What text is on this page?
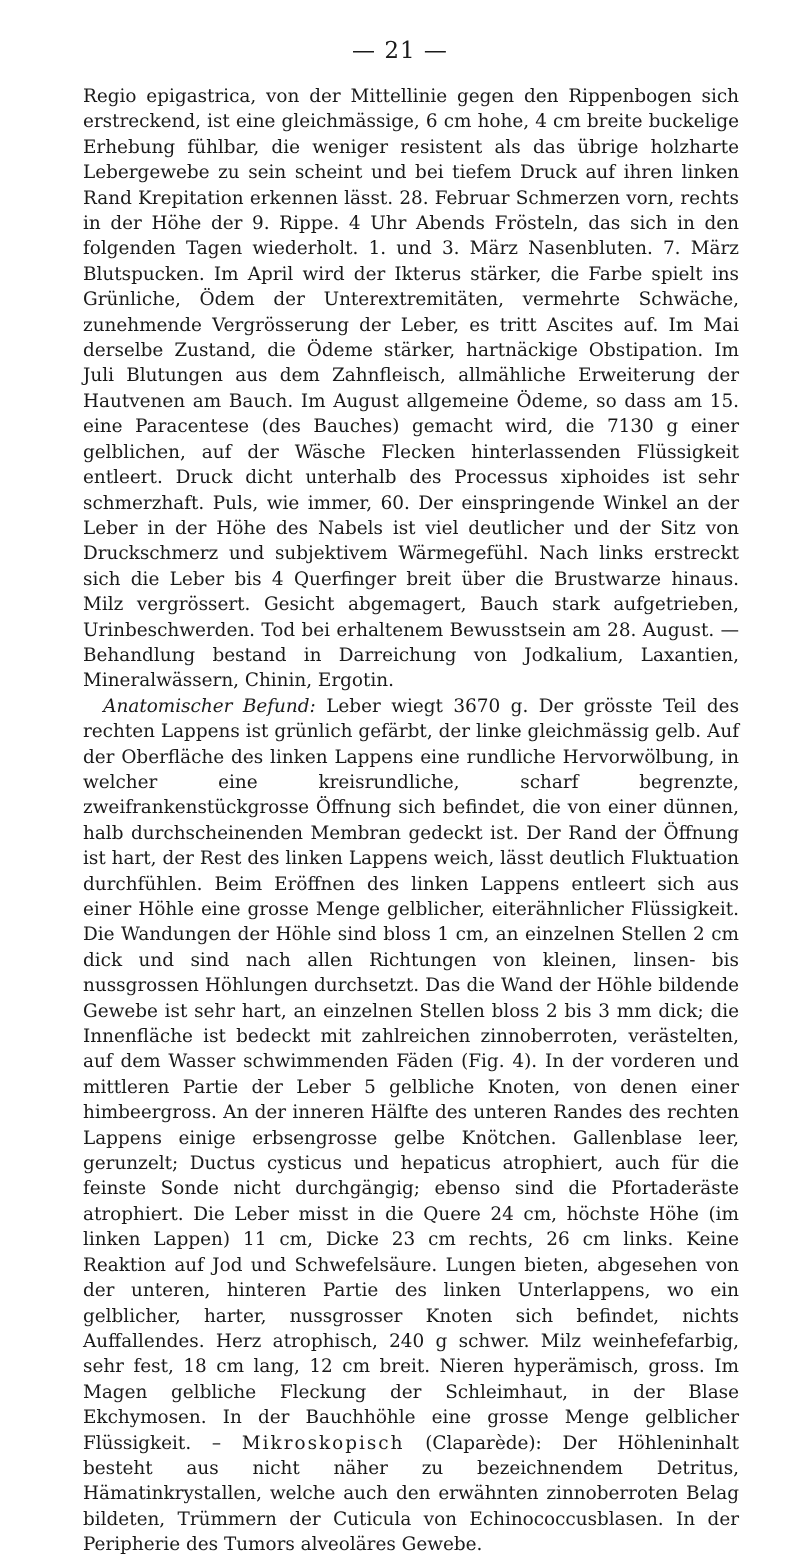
— 21 —

Regio epigastrica, von der Mittellinie gegen den Rippenbogen sich erstreckend, ist eine gleichmässige, 6 cm hohe, 4 cm breite buckelige Erhebung fühlbar, die weniger resistent als das übrige holzharte Lebergewebe zu sein scheint und bei tiefem Druck auf ihren linken Rand Krepitation erkennen lässt. 28. Februar Schmerzen vorn, rechts in der Höhe der 9. Rippe. 4 Uhr Abends Frösteln, das sich in den folgenden Tagen wiederholt. 1. und 3. März Nasenbluten. 7. März Blutspucken. Im April wird der Ikterus stärker, die Farbe spielt ins Grünliche, Ödem der Unterextremitäten, vermehrte Schwäche, zunehmende Vergrösserung der Leber, es tritt Ascites auf. Im Mai derselbe Zustand, die Ödeme stärker, hartnäckige Obstipation. Im Juli Blutungen aus dem Zahnfleisch, allmähliche Erweiterung der Hautvenen am Bauch. Im August allgemeine Ödeme, so dass am 15. eine Paracentese (des Bauches) gemacht wird, die 7130 g einer gelblichen, auf der Wäsche Flecken hinterlassenden Flüssigkeit entleert. Druck dicht unterhalb des Processus xiphoides ist sehr schmerzhaft. Puls, wie immer, 60. Der einspringende Winkel an der Leber in der Höhe des Nabels ist viel deutlicher und der Sitz von Druckschmerz und subjektivem Wärmegefühl. Nach links erstreckt sich die Leber bis 4 Querfinger breit über die Brustwarze hinaus. Milz vergrössert. Gesicht abgemagert, Bauch stark aufgetrieben, Urinbeschwerden. Tod bei erhaltenem Bewusstsein am 28. August. — Behandlung bestand in Darreichung von Jodkalium, Laxantien, Mineralwässern, Chinin, Ergotin.

Anatomischer Befund: Leber wiegt 3670 g. Der grösste Teil des rechten Lappens ist grünlich gefärbt, der linke gleichmässig gelb. Auf der Oberfläche des linken Lappens eine rundliche Hervorwölbung, in welcher eine kreisrundliche, scharf begrenzte, zweifrankenstückgrosse Öffnung sich befindet, die von einer dünnen, halb durchscheinenden Membran gedeckt ist. Der Rand der Öffnung ist hart, der Rest des linken Lappens weich, lässt deutlich Fluktuation durchfühlen. Beim Eröffnen des linken Lappens entleert sich aus einer Höhle eine grosse Menge gelblicher, eiterähnlicher Flüssigkeit. Die Wandungen der Höhle sind bloss 1 cm, an einzelnen Stellen 2 cm dick und sind nach allen Richtungen von kleinen, linsen- bis nussgrossen Höhlungen durchsetzt. Das die Wand der Höhle bildende Gewebe ist sehr hart, an einzelnen Stellen bloss 2 bis 3 mm dick; die Innenfläche ist bedeckt mit zahlreichen zinnoberroten, verästelten, auf dem Wasser schwimmenden Fäden (Fig. 4). In der vorderen und mittleren Partie der Leber 5 gelbliche Knoten, von denen einer himbeergross. An der inneren Hälfte des unteren Randes des rechten Lappens einige erbsengrosse gelbe Knötchen. Gallenblase leer, gerunzelt; Ductus cysticus und hepaticus atrophiert, auch für die feinste Sonde nicht durchgängig; ebenso sind die Pfortaderäste atrophiert. Die Leber misst in die Quere 24 cm, höchste Höhe (im linken Lappen) 11 cm, Dicke 23 cm rechts, 26 cm links. Keine Reaktion auf Jod und Schwefelsäure. Lungen bieten, abgesehen von der unteren, hinteren Partie des linken Unterlappens, wo ein gelblicher, harter, nussgrosser Knoten sich befindet, nichts Auffallendes. Herz atrophisch, 240 g schwer. Milz weinhefefarbig, sehr fest, 18 cm lang, 12 cm breit. Nieren hyperämisch, gross. Im Magen gelbliche Fleckung der Schleimhaut, in der Blase Ekchymosen. In der Bauchhöhle eine grosse Menge gelblicher Flüssigkeit. – Mikroskopisch (Claparède): Der Höhleninhalt besteht aus nicht näher zu bezeichnendem Detritus, Hämatinkrystallen, welche auch den erwähnten zinnoberroten Belag bildeten, Trümmern der Cuticula von Echinococcusblasen. In der Peripherie des Tumors alveoläres Gewebe.
